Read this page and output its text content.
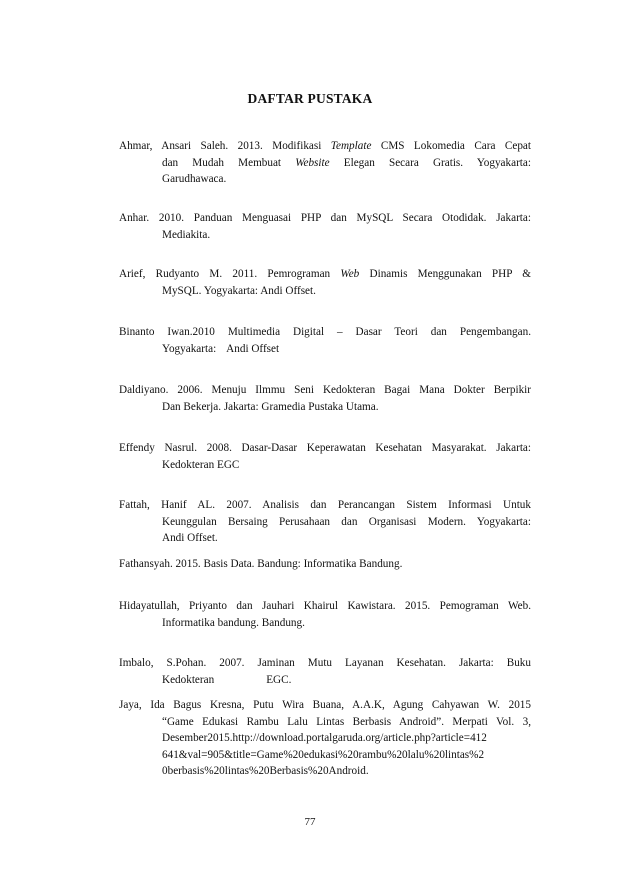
DAFTAR PUSTAKA
Ahmar, Ansari Saleh. 2013. Modifikasi Template CMS Lokomedia Cara Cepat
dan Mudah Membuat Website Elegan Secara Gratis. Yogyakarta:
Garudhawaca.
Anhar. 2010. Panduan Menguasai PHP dan MySQL Secara Otodidak. Jakarta:
Mediakita.
Arief, Rudyanto M. 2011. Pemrograman Web Dinamis Menggunakan PHP &
MySQL. Yogyakarta: Andi Offset.
Binanto Iwan.2010 Multimedia Digital – Dasar Teori dan Pengembangan.
Yogyakarta: Andi Offset
Daldiyano. 2006. Menuju Ilmmu Seni Kedokteran Bagai Mana Dokter Berpikir
Dan Bekerja. Jakarta: Gramedia Pustaka Utama.
Effendy Nasrul. 2008. Dasar-Dasar Keperawatan Kesehatan Masyarakat. Jakarta:
Kedokteran EGC
Fattah, Hanif AL. 2007. Analisis dan Perancangan Sistem Informasi Untuk
Keunggulan Bersaing Perusahaan dan Organisasi Modern. Yogyakarta:
Andi Offset.
Fathansyah. 2015. Basis Data. Bandung: Informatika Bandung.
Hidayatullah, Priyanto dan Jauhari Khairul Kawistara. 2015. Pemograman Web.
Informatika bandung. Bandung.
Imbalo, S.Pohan. 2007. Jaminan Mutu Layanan Kesehatan. Jakarta: Buku
Kedokteran	EGC.
Jaya, Ida Bagus Kresna, Putu Wira Buana, A.A.K, Agung Cahyawan W. 2015
“Game Edukasi Rambu Lalu Lintas Berbasis Android”. Merpati Vol. 3,
Desember2015.http://download.portalgaruda.org/article.php?article=412
641&val=905&title=Game%20edukasi%20rambu%20lalu%20lintas%2
0berbasis%20lintas%20Berbasis%20Android.
77
